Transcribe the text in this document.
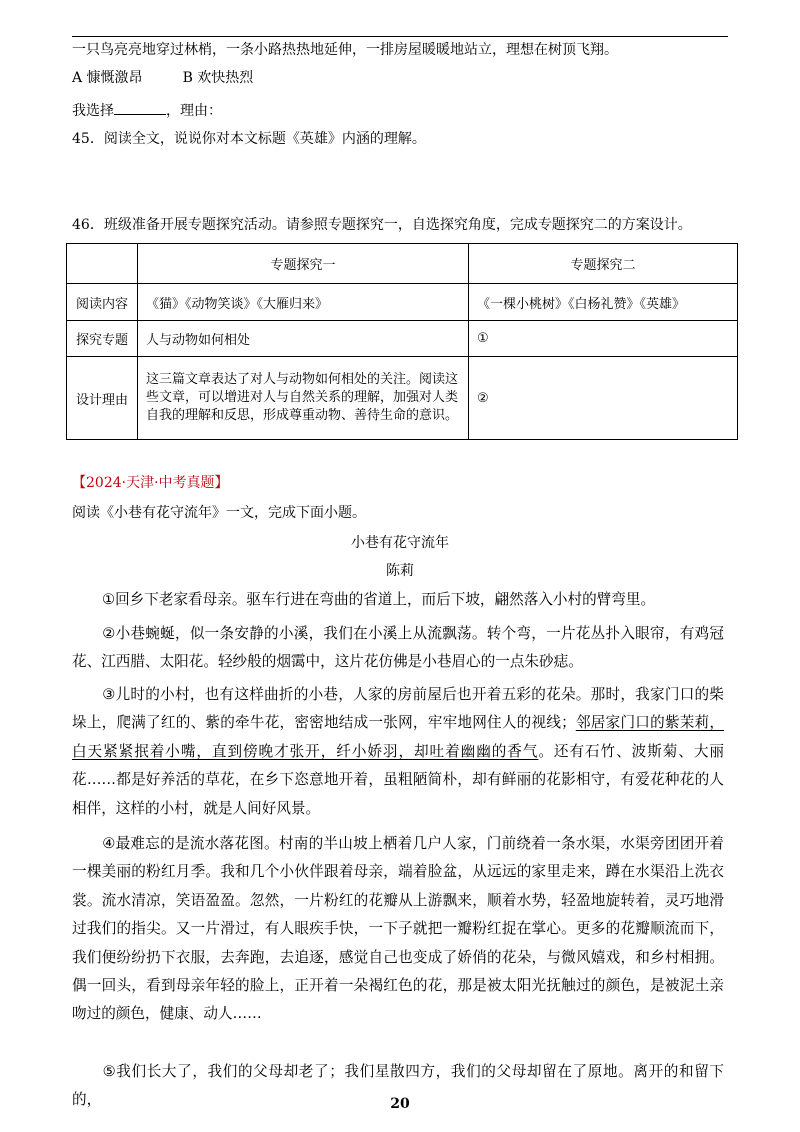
一只鸟亮亮地穿过林梢，一条小路热热地延伸，一排房屋暖暖地站立，理想在树顶飞翔。
A 慷慨激昂	B 欢快热烈
我选择	，理由：
45．阅读全文，说说你对本文标题《英雄》内涵的理解。
46．班级准备开展专题探究活动。请参照专题探究一，自选探究角度，完成专题探究二的方案设计。
	专题探究一	专题探究二
阅读内容	《猫》《动物笑谈》《大雁归来》	《一棵小桃树》《白杨礼赞》《英雄》
探究专题	人与动物如何相处	①
设计理由	这三篇文章表达了对人与动物如何相处的关注。阅读这些文章，可以增进对人与自然关系的理解，加强对人类自我的理解和反思，形成尊重动物、善待生命的意识。	②
【2024·天津·中考真题】
阅读《小巷有花守流年》一文，完成下面小题。
小巷有花守流年
陈莉
①回乡下老家看母亲。驱车行进在弯曲的省道上，而后下坡，翩然落入小村的臂弯里。
②小巷蜿蜒，似一条安静的小溪，我们在小溪上从流飘荡。转个弯，一片花丛扑入眼帘，有鸡冠花、江西腊、太阳花。轻纱般的烟霭中，这片花仿佛是小巷眉心的一点朱砂痣。
③儿时的小村，也有这样曲折的小巷，人家的房前屋后也开着五彩的花朵。那时，我家门口的柴垛上，爬满了红的、紫的牵牛花，密密地结成一张网，牢牢地网住人的视线；邻居家门口的紫茉莉，白天紧紧抿着小嘴，直到傍晚才张开，纤小娇羽，却吐着幽幽的香气。还有石竹、波斯菊、大丽花……都是好养活的草花，在乡下恣意地开着，虽粗陋简朴，却有鲜丽的花影相守，有爱花种花的人相伴，这样的小村，就是人间好风景。
④最难忘的是流水落花图。村南的半山坡上栖着几户人家，门前绕着一条水渠，水渠旁团团开着一棵美丽的粉红月季。我和几个小伙伴跟着母亲，端着脸盆，从远远的家里走来，蹲在水渠沿上洗衣裳。流水清凉，笑语盈盈。忽然，一片粉红的花瓣从上游飘来，顺着水势，轻盈地旋转着，灵巧地滑过我们的指尖。又一片滑过，有人眼疾手快，一下子就把一瓣粉红捉在掌心。更多的花瓣顺流而下，我们便纷纷扔下衣服，去奔跑，去追逐，感觉自己也变成了娇俏的花朵，与微风嬉戏，和乡村相拥。偶一回头，看到母亲年轻的脸上，正开着一朵褐红色的花，那是被太阳光抚触过的颜色，是被泥土亲吻过的颜色，健康、动人……
⑤我们长大了，我们的父母却老了；我们星散四方，我们的父母却留在了原地。离开的和留下的，	20
